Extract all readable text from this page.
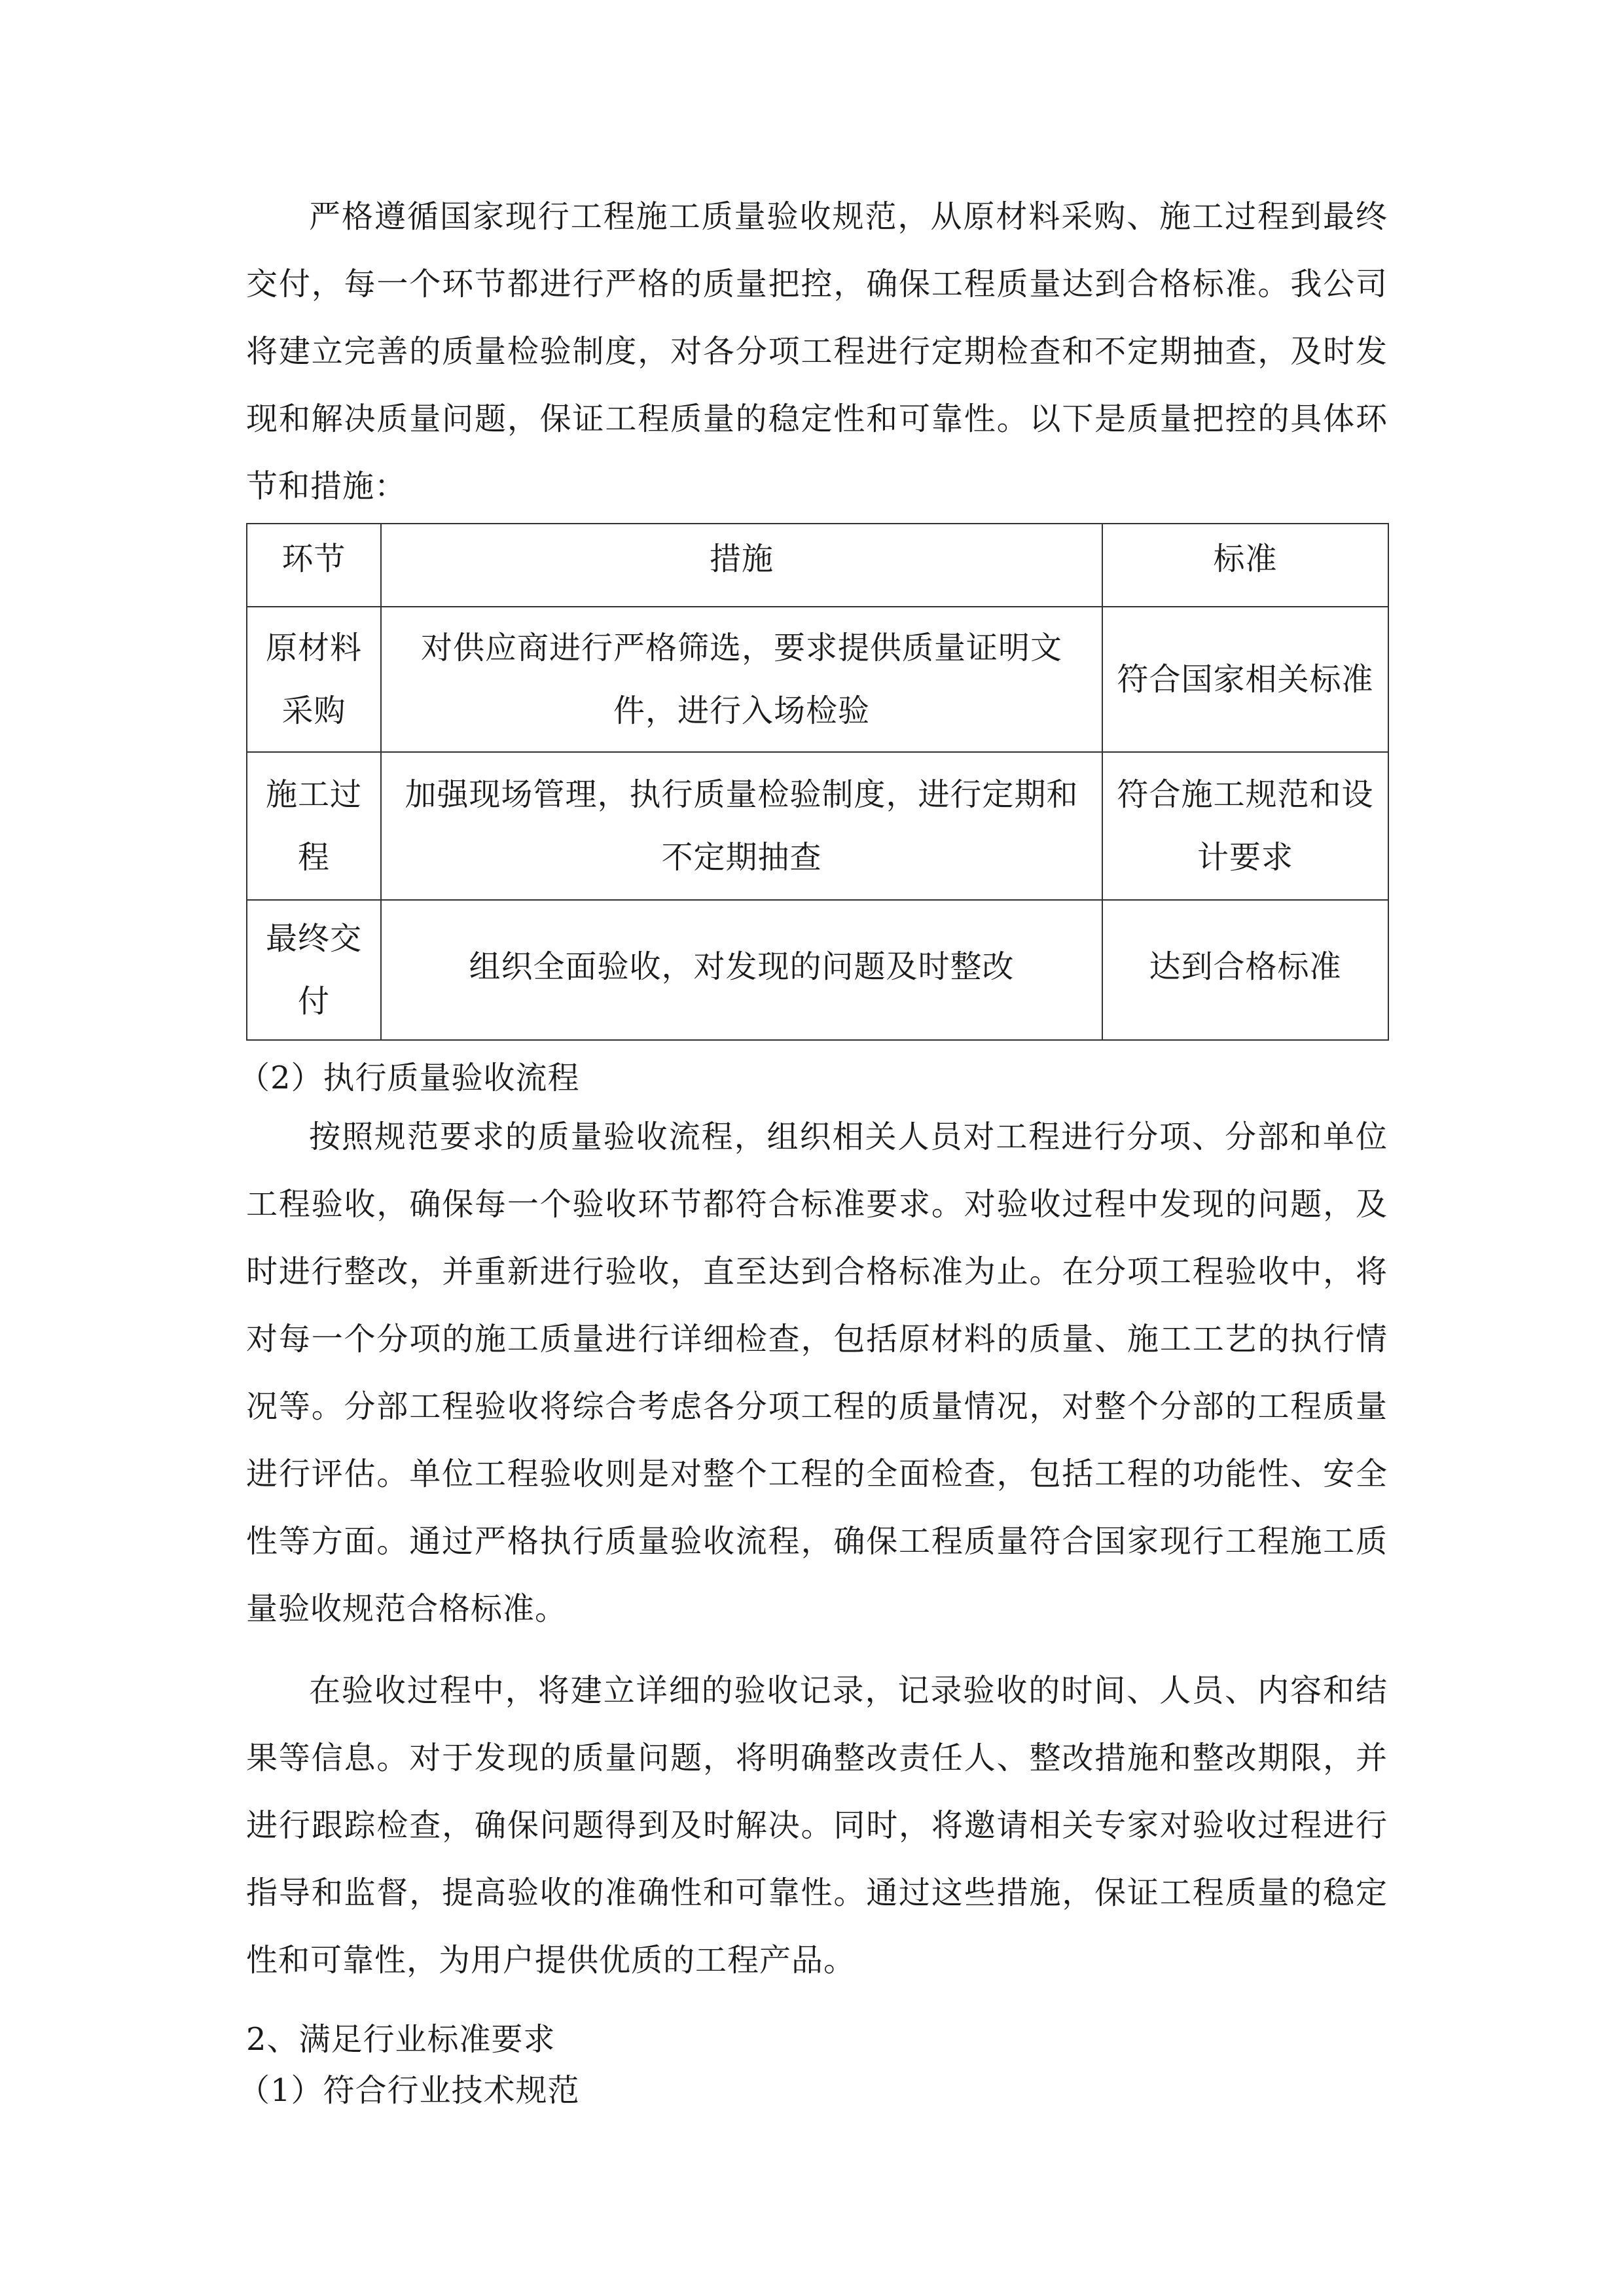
严格遵循国家现行工程施工质量验收规范，从原材料采购、施工过程到最终交付，每一个环节都进行严格的质量把控，确保工程质量达到合格标准。我公司将建立完善的质量检验制度，对各分项工程进行定期检查和不定期抽查，及时发现和解决质量问题，保证工程质量的稳定性和可靠性。以下是质量把控的具体环节和措施：

环节	措施	标准
原材料采购	对供应商进行严格筛选，要求提供质量证明文件，进行入场检验	符合国家相关标准
施工过程	加强现场管理，执行质量检验制度，进行定期和不定期抽查	符合施工规范和设计要求
最终交付	组织全面验收，对发现的问题及时整改	达到合格标准

（2）执行质量验收流程

按照规范要求的质量验收流程，组织相关人员对工程进行分项、分部和单位工程验收，确保每一个验收环节都符合标准要求。对验收过程中发现的问题，及时进行整改，并重新进行验收，直至达到合格标准为止。在分项工程验收中，将对每一个分项的施工质量进行详细检查，包括原材料的质量、施工工艺的执行情况等。分部工程验收将综合考虑各分项工程的质量情况，对整个分部的工程质量进行评估。单位工程验收则是对整个工程的全面检查，包括工程的功能性、安全性等方面。通过严格执行质量验收流程，确保工程质量符合国家现行工程施工质量验收规范合格标准。

在验收过程中，将建立详细的验收记录，记录验收的时间、人员、内容和结果等信息。对于发现的质量问题，将明确整改责任人、整改措施和整改期限，并进行跟踪检查，确保问题得到及时解决。同时，将邀请相关专家对验收过程进行指导和监督，提高验收的准确性和可靠性。通过这些措施，保证工程质量的稳定性和可靠性，为用户提供优质的工程产品。

2、满足行业标准要求

（1）符合行业技术规范
